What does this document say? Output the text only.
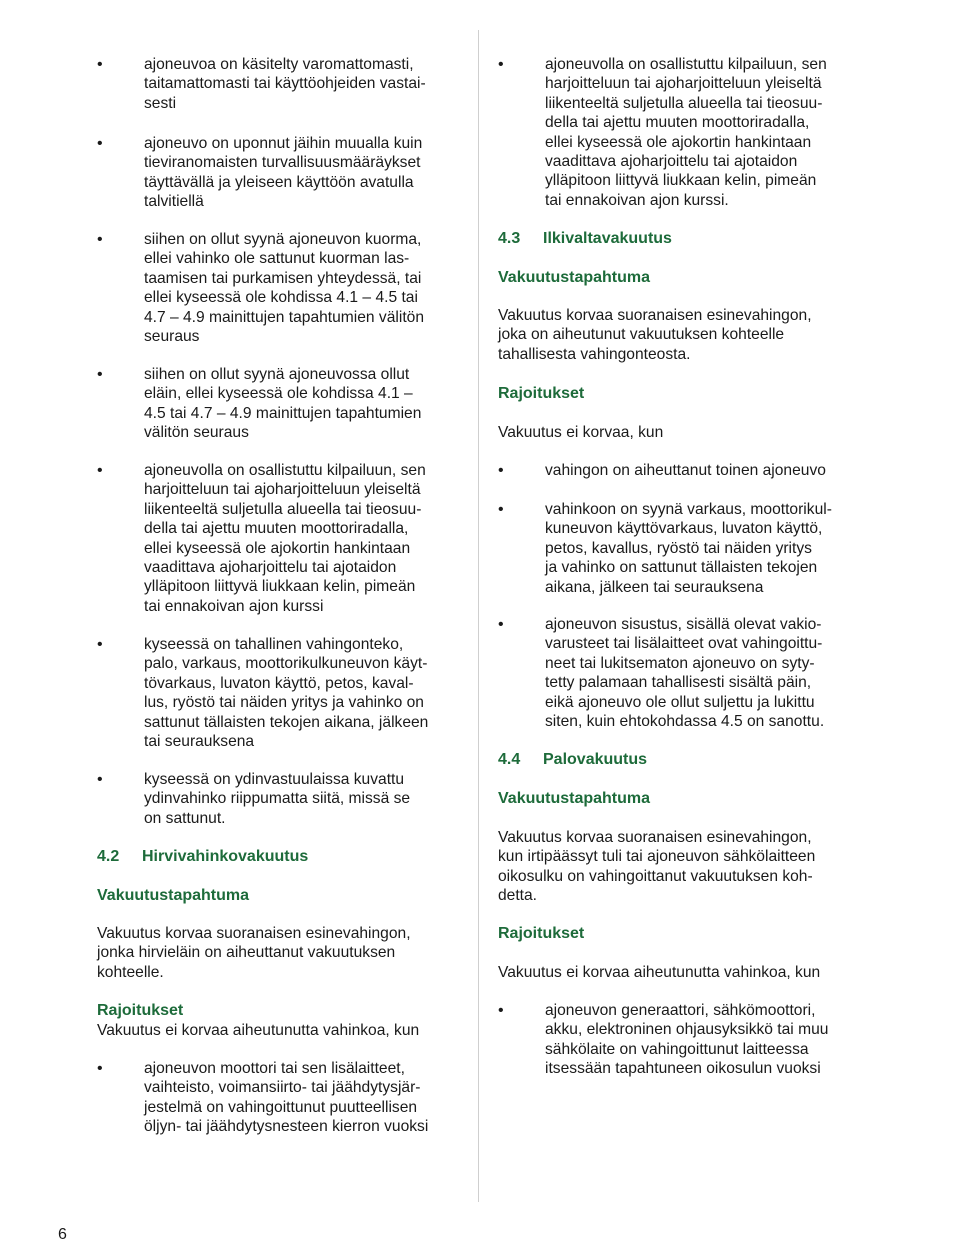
•	ajoneuvoa on käsitelty varomattomasti,
taitamattomasti tai käyttöohjeiden vastai-
sesti
•	ajoneuvo on uponnut jäihin muualla kuin
tieviranomaisten turvallisuusmääräykset
täyttävällä ja yleiseen käyttöön avatulla
talvitiellä
•	siihen on ollut syynä ajoneuvon kuorma,
ellei vahinko ole sattunut kuorman las-
taamisen tai purkamisen yhteydessä, tai
ellei kyseessä ole kohdissa 4.1 – 4.5 tai
4.7 – 4.9 mainittujen tapahtumien välitön
seuraus
•	siihen on ollut syynä ajoneuvossa ollut
eläin, ellei kyseessä ole kohdissa 4.1 –
4.5 tai 4.7 – 4.9 mainittujen tapahtumien
välitön seuraus
•	ajoneuvolla on osallistuttu kilpailuun, sen
harjoitteluun tai ajoharjoitteluun yleiseltä
liikenteeltä suljetulla alueella tai tieosuu-
della tai ajettu muuten moottoriradalla,
ellei kyseessä ole ajokortin hankintaan
vaadittava ajoharjoittelu tai ajotaidon
ylläpitoon liittyvä liukkaan kelin, pimeän
tai ennakoivan ajon kurssi
•	kyseessä on tahallinen vahingonteko,
palo, varkaus, moottorikulkuneuvon käyt-
tövarkaus, luvaton käyttö, petos, kaval-
lus, ryöstö tai näiden yritys ja vahinko on
sattunut tällaisten tekojen aikana, jälkeen
tai seurauksena
•	kyseessä on ydinvastuulaissa kuvattu
ydinvahinko riippumatta siitä, missä se
on sattunut.
4.2 Hirvivahinkovakuutus
Vakuutustapahtuma
Vakuutus korvaa suoranaisen esinevahingon,
jonka hirvieläin on aiheuttanut vakuutuksen
kohteelle.
Rajoitukset
Vakuutus ei korvaa aiheutunutta vahinkoa, kun
•	ajoneuvon moottori tai sen lisälaitteet,
vaihteisto, voimansiirto- tai jäähdytysjär-
jestelmä on vahingoittunut puutteellisen
öljyn- tai jäähdytysnesteen kierron vuoksi
•	ajoneuvolla on osallistuttu kilpailuun, sen
harjoitteluun tai ajoharjoitteluun yleiseltä
liikenteeltä suljetulla alueella tai tieosuu-
della tai ajettu muuten moottoriradalla,
ellei kyseessä ole ajokortin hankintaan
vaadittava ajoharjoittelu tai ajotaidon
ylläpitoon liittyvä liukkaan kelin, pimeän
tai ennakoivan ajon kurssi.
4.3 Ilkivaltavakuutus
Vakuutustapahtuma
Vakuutus korvaa suoranaisen esinevahingon,
joka on aiheutunut vakuutuksen kohteelle
tahallisesta vahingonteosta.
Rajoitukset
Vakuutus ei korvaa, kun
•	vahingon on aiheuttanut toinen ajoneuvo
•	vahinkoon on syynä varkaus, moottorikul-
kuneuvon käyttövarkaus, luvaton käyttö,
petos, kavallus, ryöstö tai näiden yritys
ja vahinko on sattunut tällaisten tekojen
aikana, jälkeen tai seurauksena
•	ajoneuvon sisustus, sisällä olevat vakio-
varusteet tai lisälaitteet ovat vahingoittu-
neet tai lukitsematon ajoneuvo on syty-
tetty palamaan tahallisesti sisältä päin,
eikä ajoneuvo ole ollut suljettu ja lukittu
siten, kuin ehtokohdassa 4.5 on sanottu.
4.4 Palovakuutus
Vakuutustapahtuma
Vakuutus korvaa suoranaisen esinevahingon,
kun irtipäässyt tuli tai ajoneuvon sähkölaitteen
oikosulku on vahingoittanut vakuutuksen koh-
detta.
Rajoitukset
Vakuutus ei korvaa aiheutunutta vahinkoa, kun
•	ajoneuvon generaattori, sähkömoottori,
akku, elektroninen ohjausyksikkö tai muu
sähkölaite on vahingoittunut laitteessa
itsessään tapahtuneen oikosulun vuoksi
6
